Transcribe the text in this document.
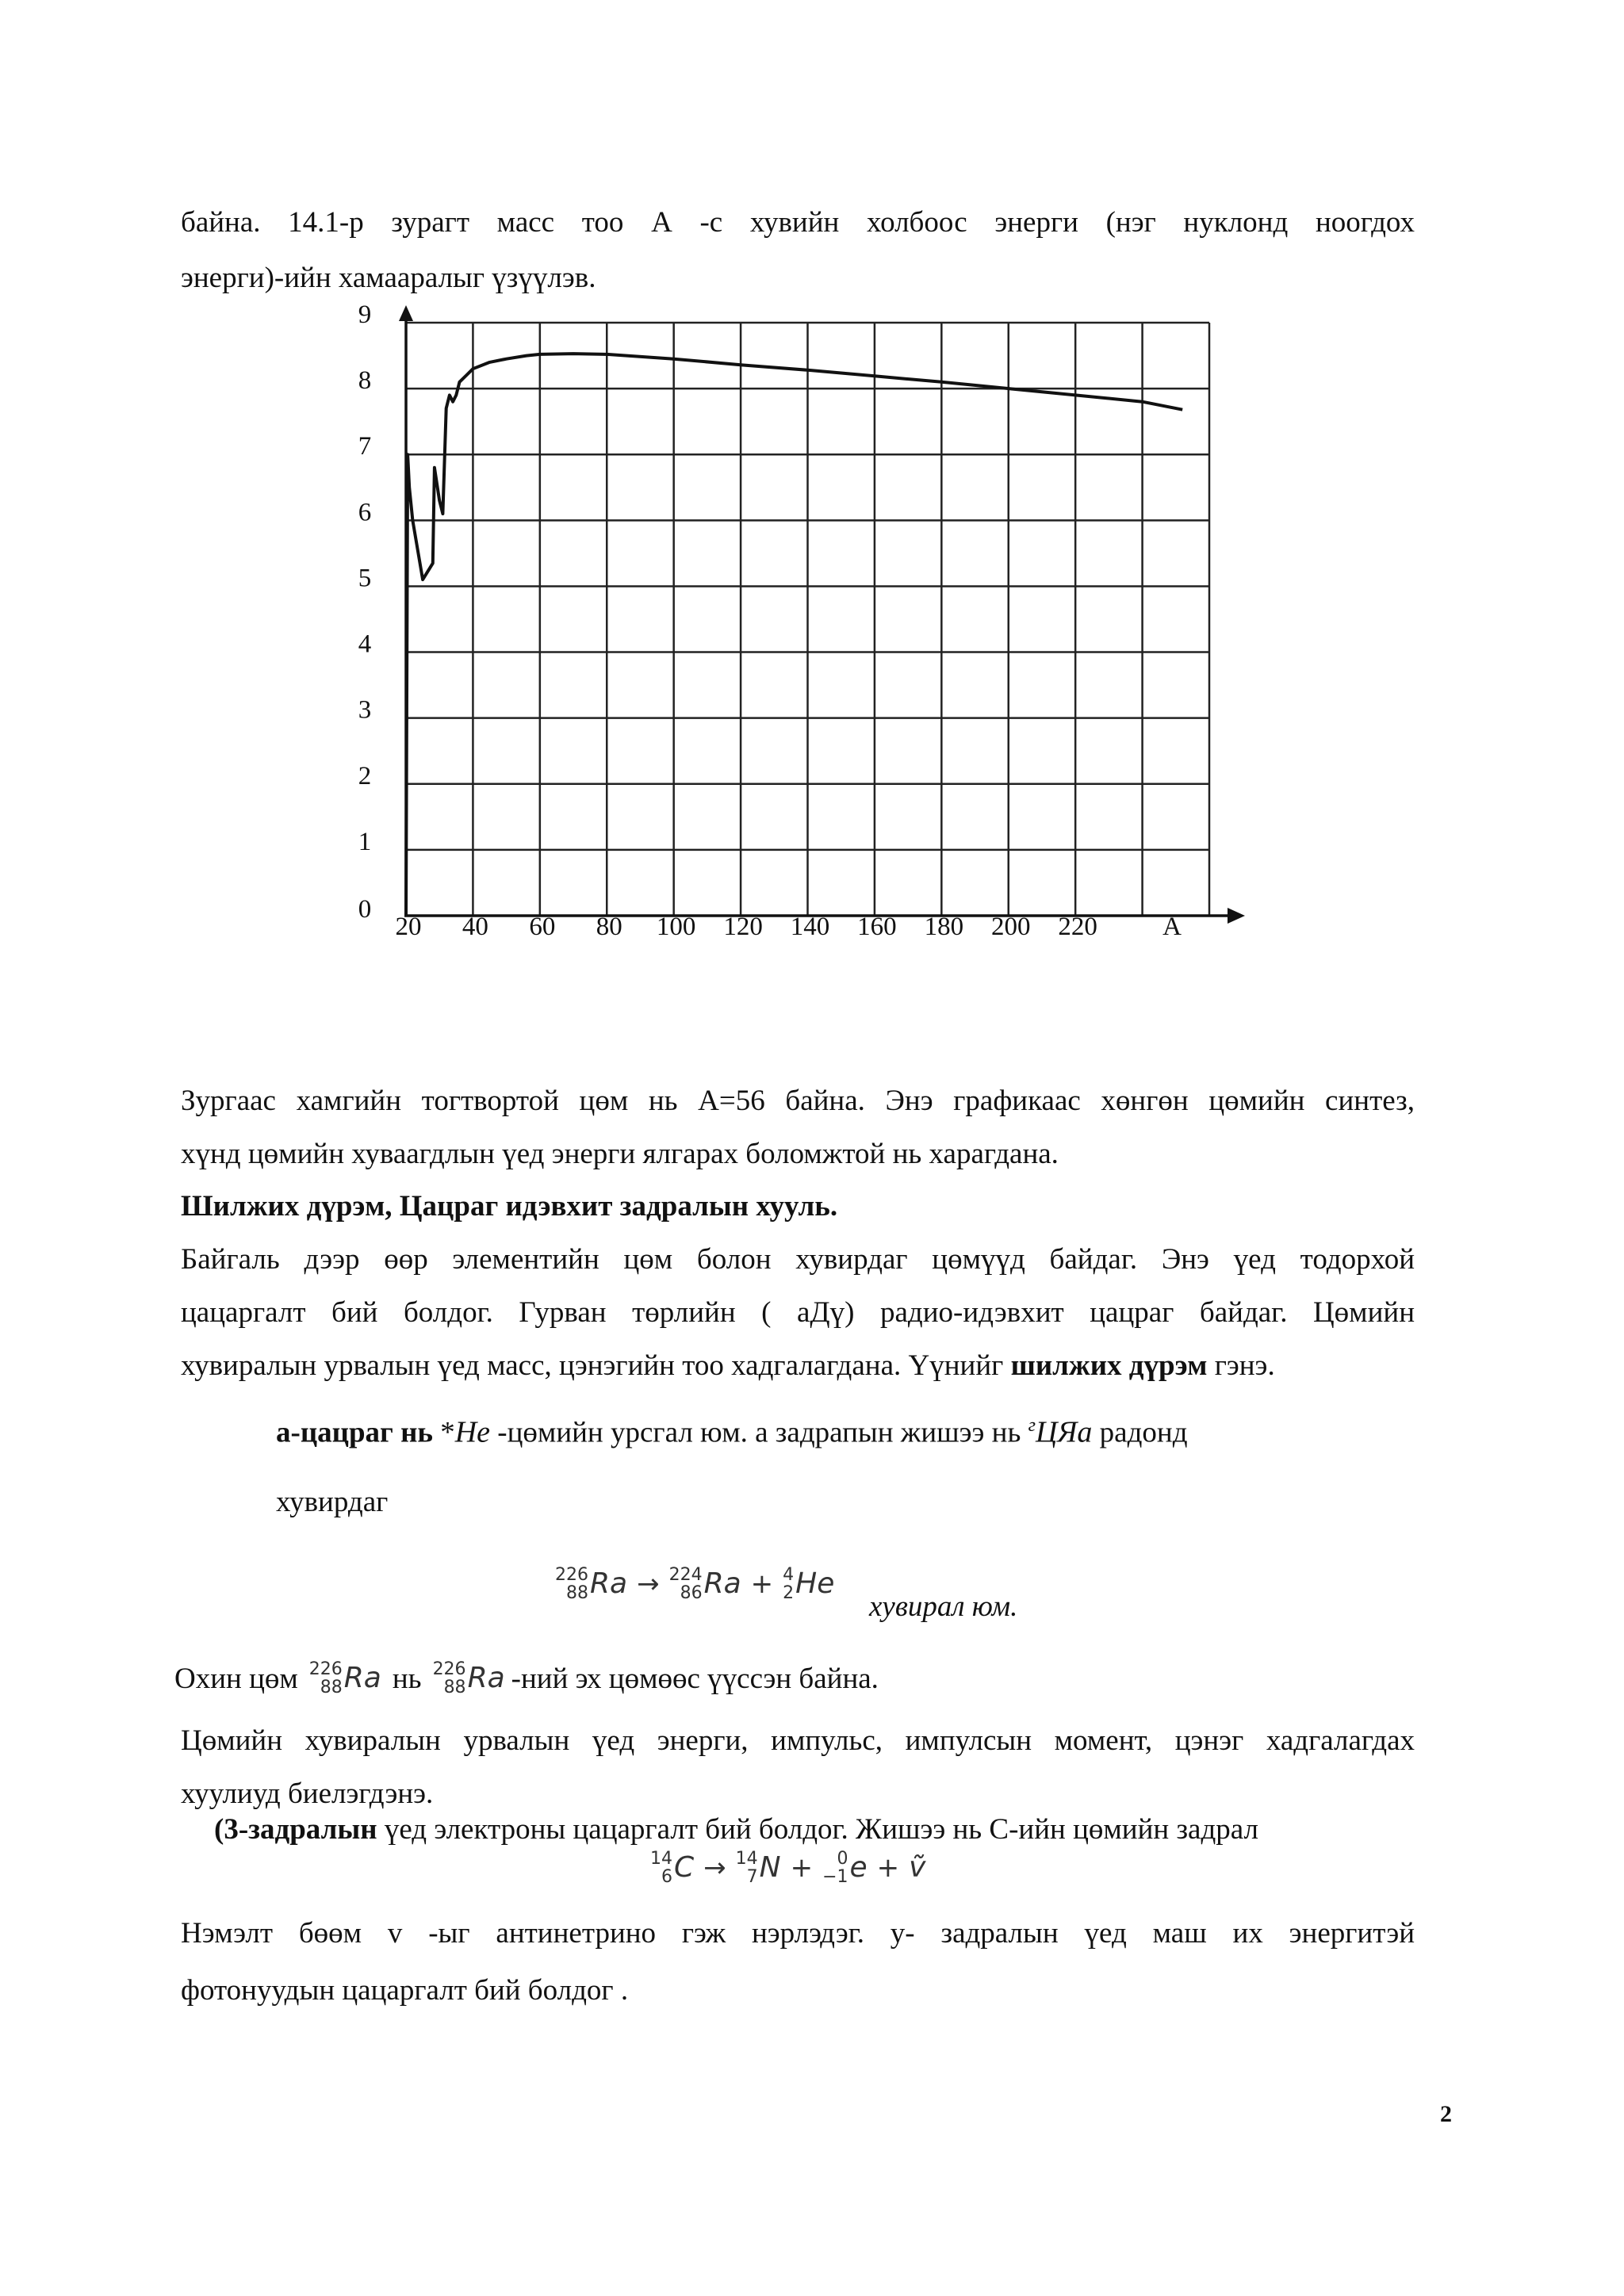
байна. 14.1-р зурагт масс тоо А -с хувийн холбоос энерги (нэг нуклонд ноогдох
энерги)-ийн хамааралыг үзүүлэв.
0
1
2
3
4
5
6
7
8
9
20 40 60 80 100 120 140 160 180 200 220 A
Зургаас хамгийн тогтвортой цөм нь А=56 байна. Энэ графикаас хөнгөн цөмийн синтез,
хүнд цөмийн хуваагдлын үед энерги ялгарах боломжтой нь харагдана.
Шилжих дүрэм, Цацраг идэвхит задралын хууль.
Байгаль дээр өөр элементийн цөм болон хувирдаг цөмүүд байдаг. Энэ үед тодорхой
цацаргалт бий болдог. Гурван төрлийн ( аДү) радио-идэвхит цацраг байдаг. Цөмийн
хувиралын урвалын үед масс, цэнэгийн тоо хадгалагдана. Үүнийг шилжих дүрэм гэнэ.
а-цацраг нь *Не -цөмийн урсгал юм. а задрапын жишээ нь $^г$ЦЯа радонд
хувирдаг
226
88 Ra → 224
86 Ra + 4
2 He
хувирал юм.
Охин цөм 226
88 Ra нь 226
88 Ra -ний эх цөмөөс үүссэн байна.
Цөмийн хувиралын урвалын үед энерги, импульс, импулсын момент, цэнэг хадгалагдах
хуулиуд биелэгдэнэ.
(3-задралын үед электроны цацаргалт бий болдог. Жишээ нь С-ийн цөмийн задрал
14
6 C → 14
7 N + 0
−1 e + ṽ
Нэмэлт бөөм v -ыг антинетрино гэж нэрлэдэг. у- задралын үед маш их энергитэй
фотонуудын цацаргалт бий болдог .
2
